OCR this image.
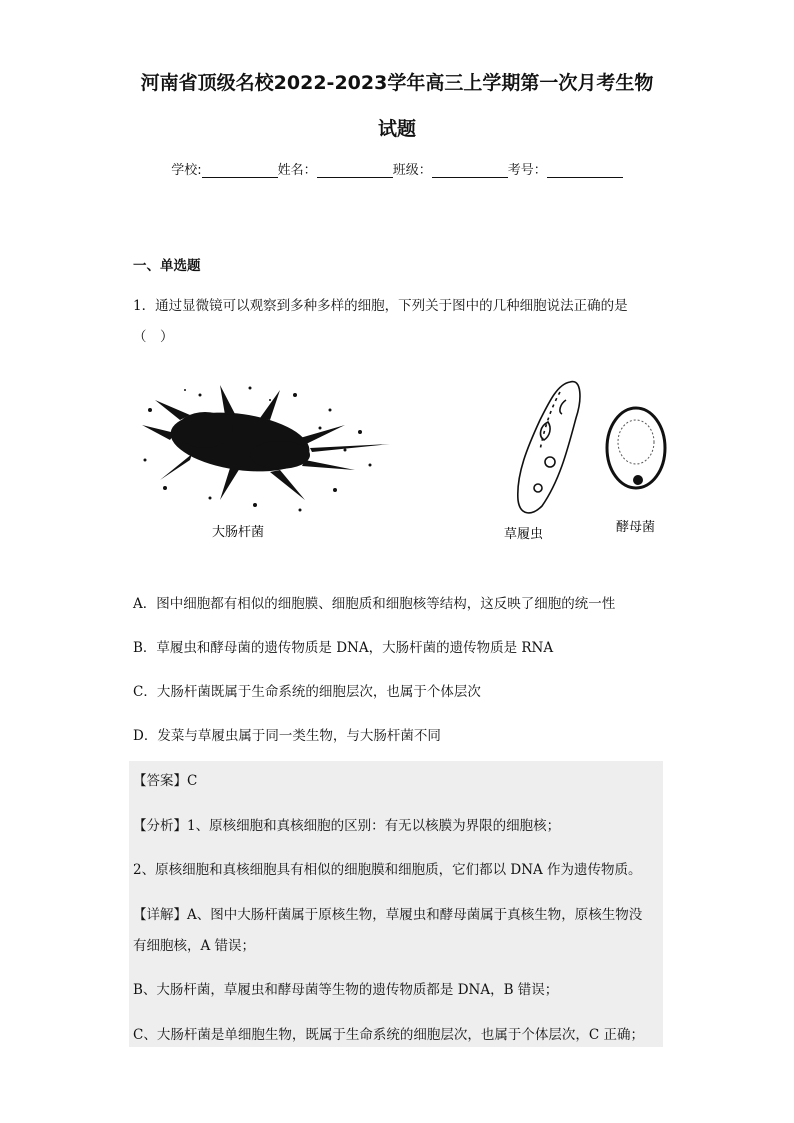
河南省顶级名校2022-2023学年高三上学期第一次月考生物
试题
学校:	姓名：	班级：	考号：
一、单选题
1．通过显微镜可以观察到多种多样的细胞，下列关于图中的几种细胞说法正确的是
（　）
大肠杆菌	草履虫	酵母菌
A．图中细胞都有相似的细胞膜、细胞质和细胞核等结构，这反映了细胞的统一性
B．草履虫和酵母菌的遗传物质是 DNA，大肠杆菌的遗传物质是 RNA
C．大肠杆菌既属于生命系统的细胞层次，也属于个体层次
D．发菜与草履虫属于同一类生物，与大肠杆菌不同
【答案】C
【分析】1、原核细胞和真核细胞的区别：有无以核膜为界限的细胞核；
2、原核细胞和真核细胞具有相似的细胞膜和细胞质，它们都以 DNA 作为遗传物质。
【详解】A、图中大肠杆菌属于原核生物，草履虫和酵母菌属于真核生物，原核生物没
有细胞核，A 错误；
B、大肠杆菌，草履虫和酵母菌等生物的遗传物质都是 DNA，B 错误；
C、大肠杆菌是单细胞生物，既属于生命系统的细胞层次，也属于个体层次，C 正确；
